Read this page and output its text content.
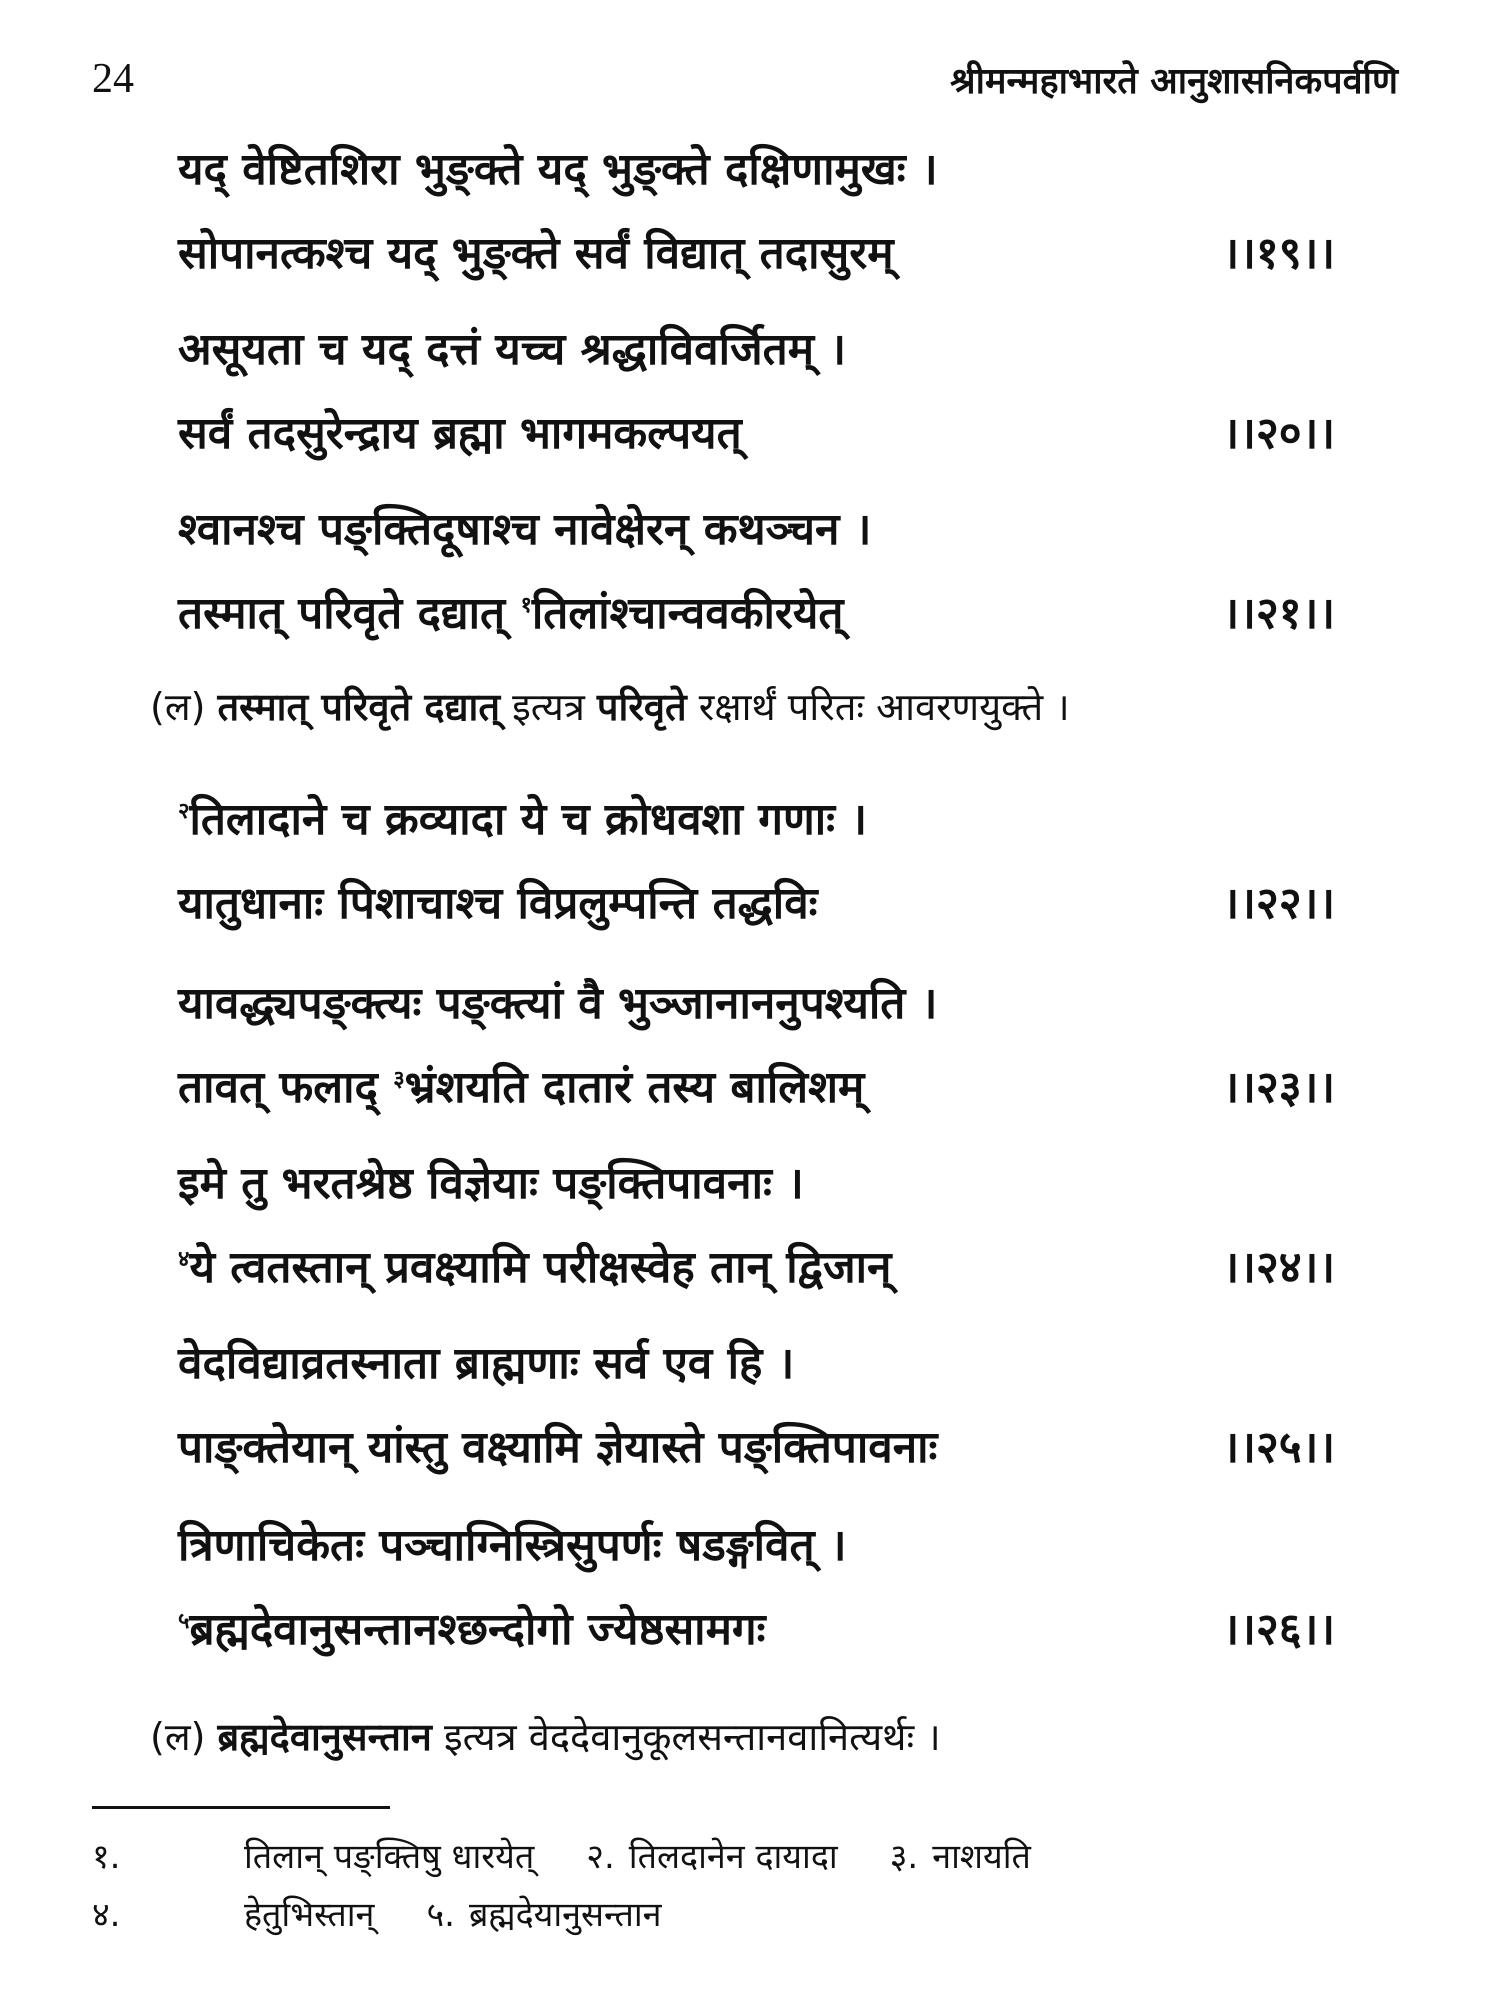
24	श्रीमन्महाभारते आनुशासनिकपर्वणि
यद् वेष्टितशिरा भुङ्क्ते यद् भुङ्क्ते दक्षिणामुखः ।
सोपानत्कश्च यद् भुङ्क्ते सर्वं विद्यात् तदासुरम्	।।१९।।
असूयता च यद् दत्तं यच्च श्रद्धाविवर्जितम् ।
सर्वं तदसुरेन्द्राय ब्रह्मा भागमकल्पयत्	।।२०।।
श्वानश्च पङ्क्तिदूषाश्च नावेक्षेरन् कथञ्चन ।
तस्मात् परिवृते दद्यात् $^१$तिलांश्चान्ववकीरयेत्	।।२१।।
(ल) तस्मात् परिवृते दद्यात् इत्यत्र परिवृते रक्षार्थं परितः आवरणयुक्ते ।
$^२$तिलादाने च क्रव्यादा ये च क्रोधवशा गणाः ।
यातुधानाः पिशाचाश्च विप्रलुम्पन्ति तद्धविः	।।२२।।
यावद्ध्यपङ्क्त्यः पङ्क्त्यां वै भुञ्जानाननुपश्यति ।
तावत् फलाद् $^३$भ्रंशयति दातारं तस्य बालिशम्	।।२३।।
इमे तु भरतश्रेष्ठ विज्ञेयाः पङ्क्तिपावनाः ।
$^४$ये त्वतस्तान् प्रवक्ष्यामि परीक्षस्वेह तान् द्विजान्	।।२४।।
वेदविद्याव्रतस्नाता ब्राह्मणाः सर्व एव हि ।
पाङ्क्तेयान् यांस्तु वक्ष्यामि ज्ञेयास्ते पङ्क्तिपावनाः	।।२५।।
त्रिणाचिकेतः पञ्चाग्निस्त्रिसुपर्णः षडङ्गवित् ।
$^५$ब्रह्मदेवानुसन्तानश्छन्दोगो ज्येष्ठसामगः	।।२६।।
(ल) ब्रह्मदेवानुसन्तान इत्यत्र वेददेवानुकूलसन्तानवानित्यर्थः ।
१.	तिलान् पङ्क्तिषु धारयेत् २. तिलदानेन दायादा ३. नाशयति
४.	हेतुभिस्तान् ५. ब्रह्मदेयानुसन्तान
